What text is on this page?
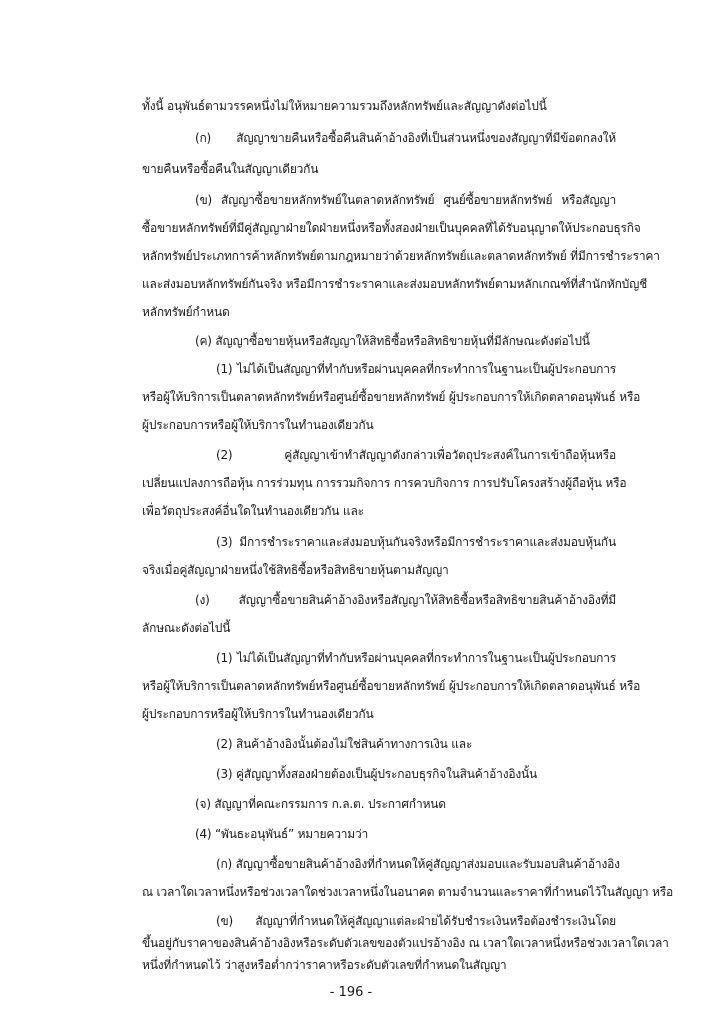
ทั้งนี้ อนุพันธ์ตามวรรคหนึ่งไม่ให้หมายความรวมถึงหลักทรัพย์และสัญญาดังต่อไปนี้
(ก) สัญญาขายคืนหรือซื้อคืนสินค้าอ้างอิงที่เป็นส่วนหนึ่งของสัญญาที่มีข้อตกลงให้
ขายคืนหรือซื้อคืนในสัญญาเดียวกัน
(ข) สัญญาซื้อขายหลักทรัพย์ในตลาดหลักทรัพย์ ศูนย์ซื้อขายหลักทรัพย์ หรือสัญญา
ซื้อขายหลักทรัพย์ที่มีคู่สัญญาฝ่ายใดฝ่ายหนึ่งหรือทั้งสองฝ่ายเป็นบุคคลที่ได้รับอนุญาตให้ประกอบธุรกิจ
หลักทรัพย์ประเภทการค้าหลักทรัพย์ตามกฎหมายว่าด้วยหลักทรัพย์และตลาดหลักทรัพย์ ที่มีการชำระราคา
และส่งมอบหลักทรัพย์กันจริง หรือมีการชำระราคาและส่งมอบหลักทรัพย์ตามหลักเกณฑ์ที่สำนักหักบัญชี
หลักทรัพย์กำหนด
(ค) สัญญาซื้อขายหุ้นหรือสัญญาให้สิทธิซื้อหรือสิทธิขายหุ้นที่มีลักษณะดังต่อไปนี้
(1) ไม่ได้เป็นสัญญาที่ทำกับหรือผ่านบุคคลที่กระทำการในฐานะเป็นผู้ประกอบการ
หรือผู้ให้บริการเป็นตลาดหลักทรัพย์หรือศูนย์ซื้อขายหลักทรัพย์ ผู้ประกอบการให้เกิดตลาดอนุพันธ์ หรือ
ผู้ประกอบการหรือผู้ให้บริการในทำนองเดียวกัน
(2) คู่สัญญาเข้าทำสัญญาดังกล่าวเพื่อวัตถุประสงค์ในการเข้าถือหุ้นหรือ
เปลี่ยนแปลงการถือหุ้น การร่วมทุน การรวมกิจการ การควบกิจการ การปรับโครงสร้างผู้ถือหุ้น หรือ
เพื่อวัตถุประสงค์อื่นใดในทำนองเดียวกัน และ
(3) มีการชำระราคาและส่งมอบหุ้นกันจริงหรือมีการชำระราคาและส่งมอบหุ้นกัน
จริงเมื่อคู่สัญญาฝ่ายหนึ่งใช้สิทธิซื้อหรือสิทธิขายหุ้นตามสัญญา
(ง) สัญญาซื้อขายสินค้าอ้างอิงหรือสัญญาให้สิทธิซื้อหรือสิทธิขายสินค้าอ้างอิงที่มี
ลักษณะดังต่อไปนี้
(1) ไม่ได้เป็นสัญญาที่ทำกับหรือผ่านบุคคลที่กระทำการในฐานะเป็นผู้ประกอบการ
หรือผู้ให้บริการเป็นตลาดหลักทรัพย์หรือศูนย์ซื้อขายหลักทรัพย์ ผู้ประกอบการให้เกิดตลาดอนุพันธ์ หรือ
ผู้ประกอบการหรือผู้ให้บริการในทำนองเดียวกัน
(2) สินค้าอ้างอิงนั้นต้องไม่ใช่สินค้าทางการเงิน และ
(3) คู่สัญญาทั้งสองฝ่ายต้องเป็นผู้ประกอบธุรกิจในสินค้าอ้างอิงนั้น
(จ) สัญญาที่คณะกรรมการ ก.ล.ต. ประกาศกำหนด
(4) “พันธะอนุพันธ์” หมายความว่า
(ก) สัญญาซื้อขายสินค้าอ้างอิงที่กำหนดให้คู่สัญญาส่งมอบและรับมอบสินค้าอ้างอิง
ณ เวลาใดเวลาหนึ่งหรือช่วงเวลาใดช่วงเวลาหนึ่งในอนาคต ตามจำนวนและราคาที่กำหนดไว้ในสัญญา หรือ
(ข) สัญญาที่กำหนดให้คู่สัญญาแต่ละฝ่ายได้รับชำระเงินหรือต้องชำระเงินโดย
- 196 -
ขึ้นอยู่กับราคาของสินค้าอ้างอิงหรือระดับตัวเลขของตัวแปรอ้างอิง ณ เวลาใดเวลาหนึ่งหรือช่วงเวลาใดเวลา
หนึ่งที่กำหนดไว้ ว่าสูงหรือต่ำกว่าราคาหรือระดับตัวเลขที่กำหนดในสัญญา
